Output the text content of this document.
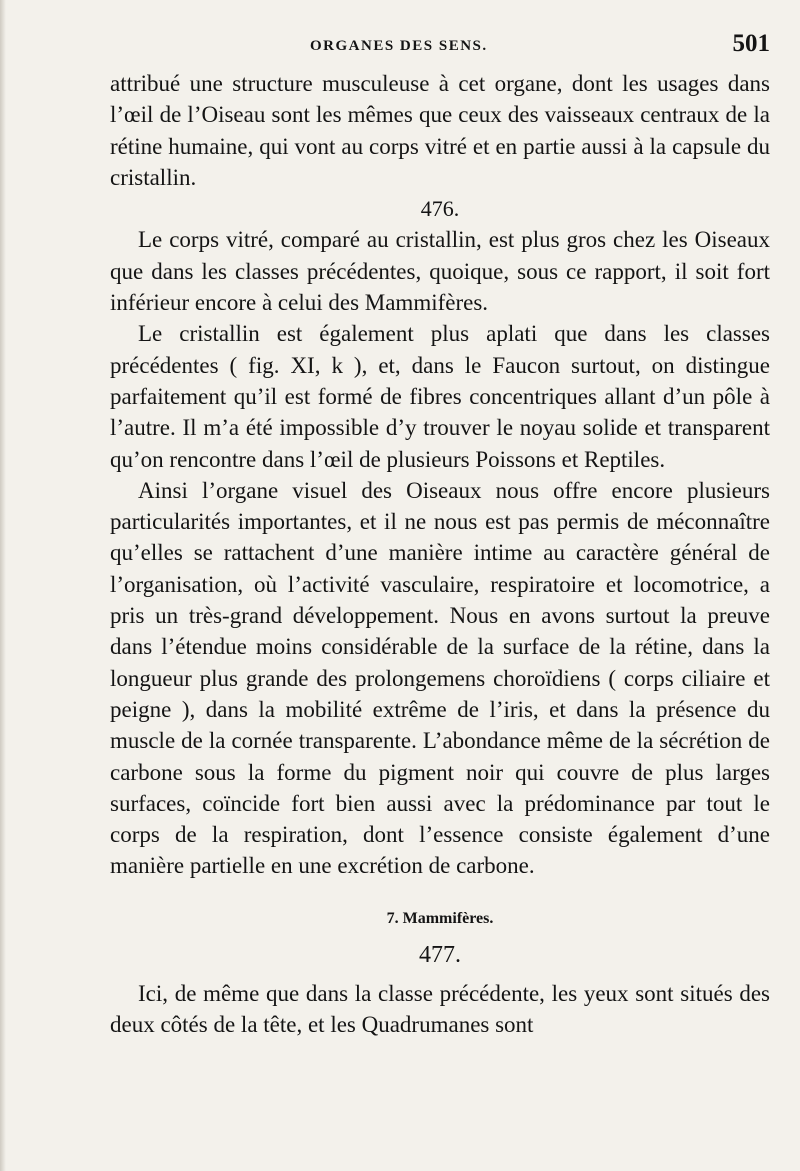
ORGANES DES SENS.	501

attribué une structure musculeuse à cet organe, dont les usages dans l’œil de l’Oiseau sont les mêmes que ceux des vaisseaux centraux de la rétine humaine, qui vont au corps vitré et en partie aussi à la capsule du cristallin.

476.

Le corps vitré, comparé au cristallin, est plus gros chez les Oiseaux que dans les classes précédentes, quoique, sous ce rapport, il soit fort inférieur encore à celui des Mammifères.

Le cristallin est également plus aplati que dans les classes précédentes ( fig. XI, k ), et, dans le Faucon surtout, on distingue parfaitement qu’il est formé de fibres concentriques allant d’un pôle à l’autre. Il m’a été impossible d’y trouver le noyau solide et transparent qu’on rencontre dans l’œil de plusieurs Poissons et Reptiles.

Ainsi l’organe visuel des Oiseaux nous offre encore plusieurs particularités importantes, et il ne nous est pas permis de méconnaître qu’elles se rattachent d’une manière intime au caractère général de l’organisation, où l’activité vasculaire, respiratoire et locomotrice, a pris un très-grand développement. Nous en avons surtout la preuve dans l’étendue moins considérable de la surface de la rétine, dans la longueur plus grande des prolongemens choroïdiens ( corps ciliaire et peigne ), dans la mobilité extrême de l’iris, et dans la présence du muscle de la cornée transparente. L’abondance même de la sécrétion de carbone sous la forme du pigment noir qui couvre de plus larges surfaces, coïncide fort bien aussi avec la prédominance par tout le corps de la respiration, dont l’essence consiste également d’une manière partielle en une excrétion de carbone.

7. Mammifères.

477.

Ici, de même que dans la classe précédente, les yeux sont situés des deux côtés de la tête, et les Quadrumanes sont
